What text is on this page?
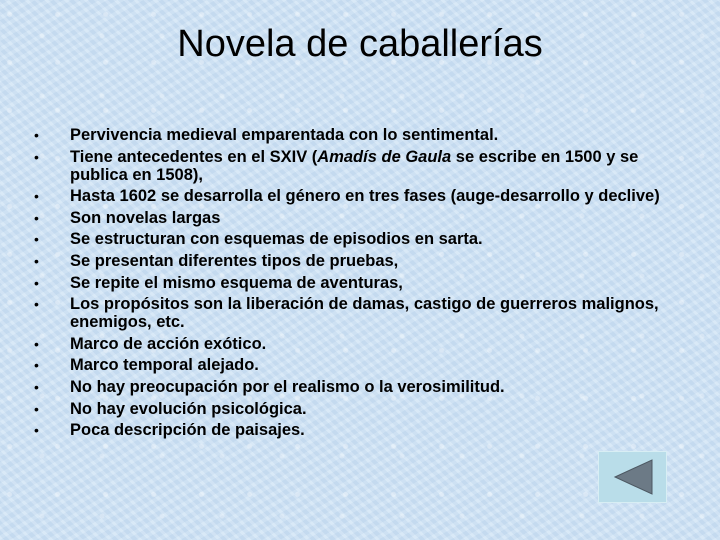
Novela de caballerías
• Pervivencia medieval emparentada con lo sentimental.
• Tiene antecedentes en el SXIV (Amadís de Gaula se escribe en 1500 y se publica en 1508),
• Hasta 1602 se desarrolla el género en tres fases (auge-desarrollo y declive)
• Son novelas largas
• Se estructuran con esquemas de episodios en sarta.
• Se presentan diferentes tipos de pruebas,
• Se repite el mismo esquema de aventuras,
• Los propósitos son la liberación de damas, castigo de guerreros malignos, enemigos, etc.
• Marco de acción exótico.
• Marco temporal alejado.
• No hay preocupación por el realismo o la verosimilitud.
• No hay evolución psicológica.
• Poca descripción de paisajes.
